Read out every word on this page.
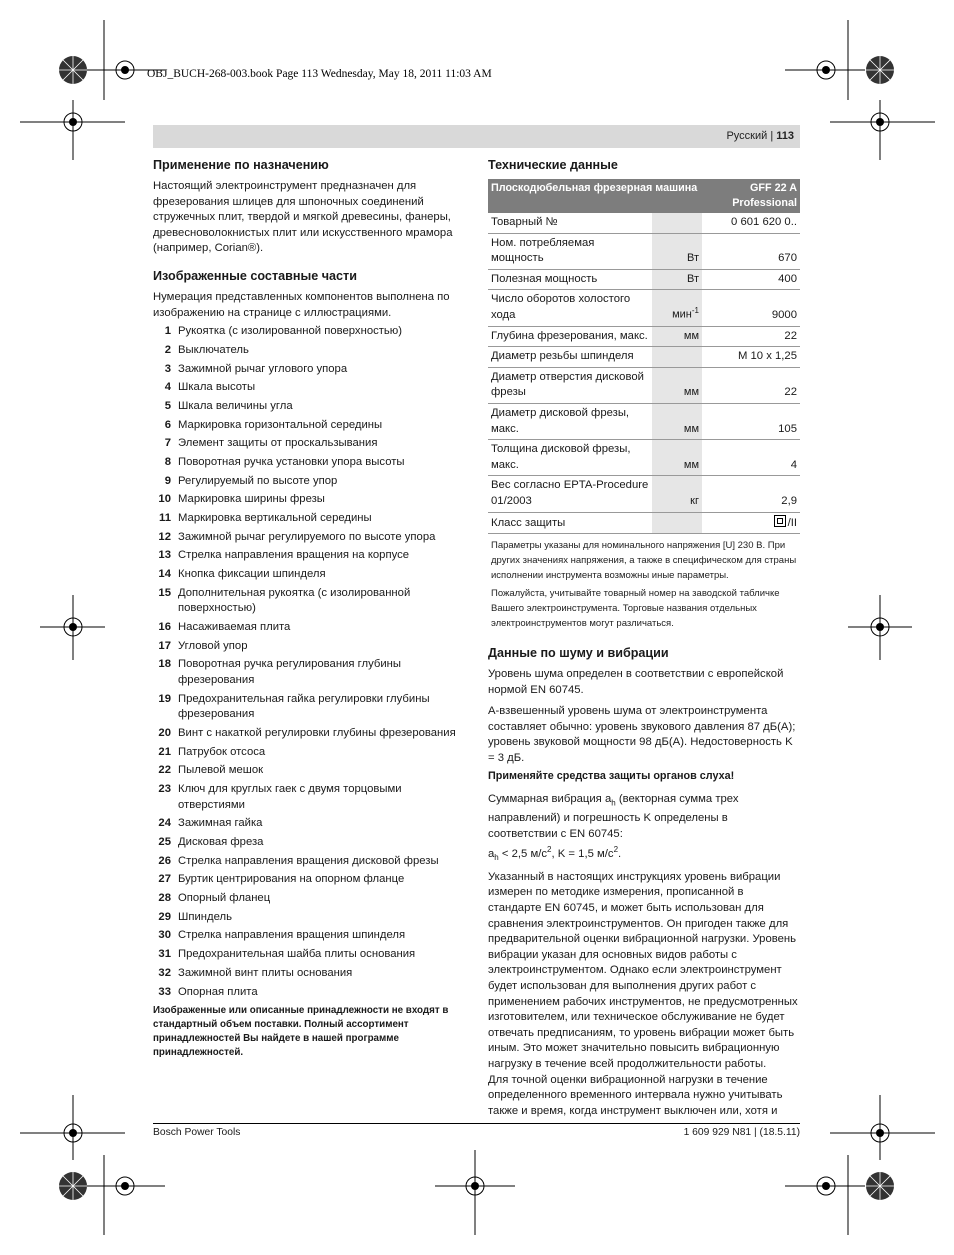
OBJ_BUCH-268-003.book Page 113 Wednesday, May 18, 2011 11:03 AM
Русский | 113
Применение по назначению

Настоящий электроинструмент предназначен для фрезерования шлицев для шпоночных соединений стружечных плит, твердой и мягкой древесины, фанеры, древесноволокнистых плит или искусственного мрамора (например, Corian®).

Изображенные составные части

Нумерация представленных компонентов выполнена по изображению на странице с иллюстрациями.

1 Рукоятка (с изолированной поверхностью)
2 Выключатель
3 Зажимной рычаг углового упора
4 Шкала высоты
5 Шкала величины угла
6 Маркировка горизонтальной середины
7 Элемент защиты от проскальзывания
8 Поворотная ручка установки упора высоты
9 Регулируемый по высоте упор
10 Маркировка ширины фрезы
11 Маркировка вертикальной середины
12 Зажимной рычаг регулируемого по высоте упора
13 Стрелка направления вращения на корпусе
14 Кнопка фиксации шпинделя
15 Дополнительная рукоятка (с изолированной поверхностью)
16 Насаживаемая плита
17 Угловой упор
18 Поворотная ручка регулирования глубины фрезерования
19 Предохранительная гайка регулировки глубины фрезерования
20 Винт с накаткой регулировки глубины фрезерования
21 Патрубок отсоса
22 Пылевой мешок
23 Ключ для круглых гаек с двумя торцовыми отверстиями
24 Зажимная гайка
25 Дисковая фреза
26 Стрелка направления вращения дисковой фрезы
27 Буртик центрирования на опорном фланце
28 Опорный фланец
29 Шпиндель
30 Стрелка направления вращения шпинделя
31 Предохранительная шайба плиты основания
32 Зажимной винт плиты основания
33 Опорная плита
Изображенные или описанные принадлежности не входят в стандартный объем поставки. Полный ассортимент принадлежностей Вы найдете в нашей программе принадлежностей.
Технические данные
Плоскодюбельная фрезерная машина		GFF 22 A Professional
Товарный №		0 601 620 0..
Ном. потребляемая мощность	Вт	670
Полезная мощность	Вт	400
Число оборотов холостого хода	мин$^{-1}$	9000
Глубина фрезерования, макс.	мм	22
Диаметр резьбы шпинделя		M 10 x 1,25
Диаметр отверстия дисковой фрезы	мм	22
Диаметр дисковой фрезы, макс.	мм	105
Толщина дисковой фрезы, макс.	мм	4
Вес согласно EPTA-Procedure 01/2003	кг	2,9
Класс защиты		/II
Параметры указаны для номинального напряжения [U] 230 В. При других значениях напряжения, а также в специфическом для страны исполнении инструмента возможны иные параметры.
Пожалуйста, учитывайте товарный номер на заводской табличке Вашего электроинструмента. Торговые названия отдельных электроинструментов могут различаться.
Данные по шуму и вибрации

Уровень шума определен в соответствии с европейской нормой EN 60745.

А-взвешенный уровень шума от электроинструмента составляет обычно: уровень звукового давления 87 дБ(A); уровень звуковой мощности 98 дБ(A). Недостоверность K = 3 дБ.

Применяйте средства защиты органов слуха!

Суммарная вибрация $a_h$ (векторная сумма трех направлений) и погрешность K определены в соответствии с EN 60745:
$a_h < 2,5$ $м/с^2$, K = 1,5 $м/с^2$.

Указанный в настоящих инструкциях уровень вибрации измерен по методике измерения, прописанной в стандарте EN 60745, и может быть использован для сравнения электроинструментов. Он пригоден также для предварительной оценки вибрационной нагрузки. Уровень вибрации указан для основных видов работы с электроинструментом. Однако если электроинструмент будет использован для выполнения других работ с применением рабочих инструментов, не предусмотренных изготовителем, или техническое обслуживание не будет отвечать предписаниям, то уровень вибрации может быть иным. Это может значительно повысить вибрационную нагрузку в течение всей продолжительности работы.

Для точной оценки вибрационной нагрузки в течение определенного временного интервала нужно учитывать также и время, когда инструмент выключен или, хотя и

Bosch Power Tools	1 609 929 N81 | (18.5.11)
